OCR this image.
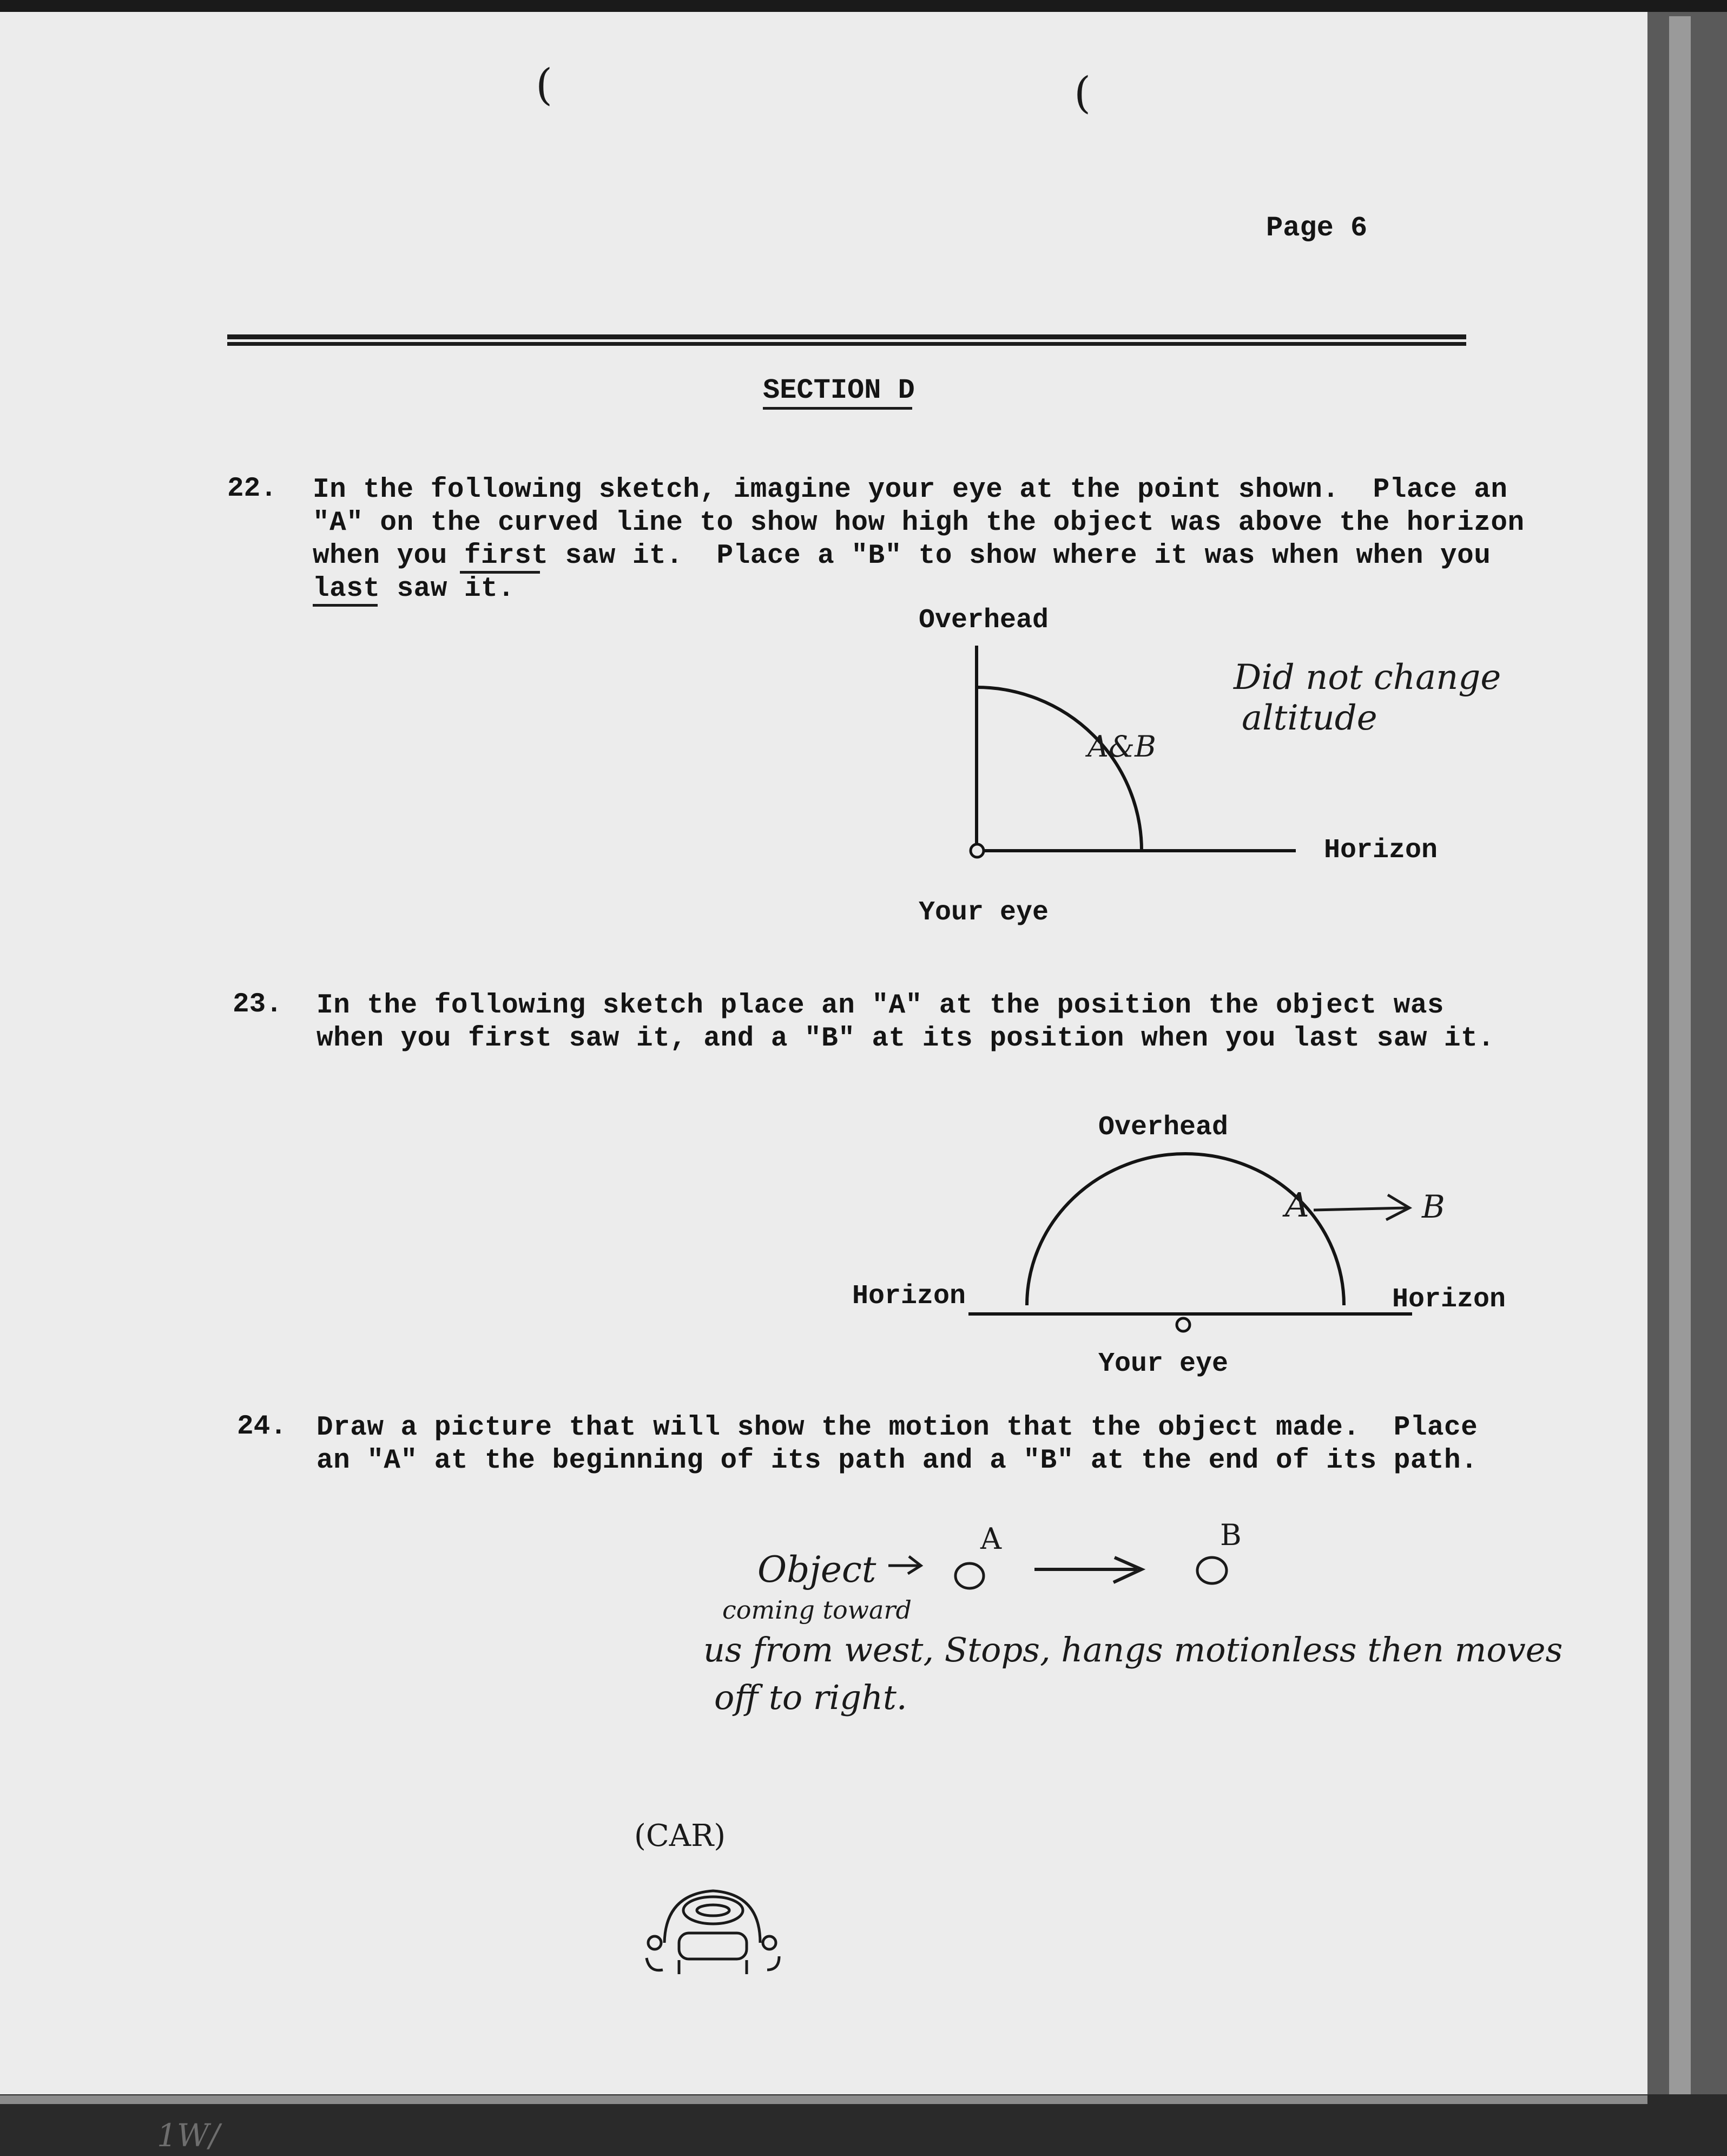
(	(

1W/

Page 6

SECTION D

22. In the following sketch, imagine your eye at the point shown.  Place an

"A" on the curved line to show how high the object was above the horizon

when you first saw it.  Place a "B" to show where it was when when you

last saw it.

Overhead

Horizon

Your eye

A&B

Did not change

altitude

23. In the following sketch place an "A" at the position the object was

when you first saw it, and a "B" at its position when you last saw it.

Overhead

Horizon	Horizon

Your eye

A	B

24. Draw a picture that will show the motion that the object made.  Place

an "A" at the beginning of its path and a "B" at the end of its path.

A	B

Object

coming toward

us from west, Stops, hangs motionless then moves

off to right.

(CAR)
